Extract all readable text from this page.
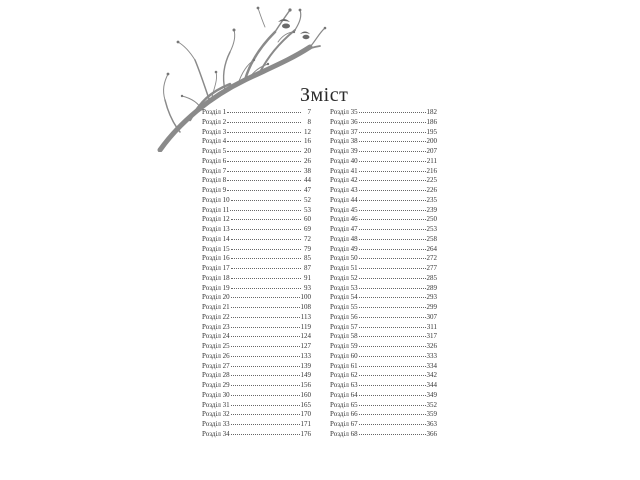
Зміст
Розділ 1	7
Розділ 2	8
Розділ 3	12
Розділ 4	16
Розділ 5	20
Розділ 6	26
Розділ 7	38
Розділ 8	44
Розділ 9	47
Розділ 10	52
Розділ 11	53
Розділ 12	60
Розділ 13	69
Розділ 14	72
Розділ 15	79
Розділ 16	85
Розділ 17	87
Розділ 18	91
Розділ 19	93
Розділ 20	100
Розділ 21	108
Розділ 22	113
Розділ 23	119
Розділ 24	124
Розділ 25	127
Розділ 26	133
Розділ 27	139
Розділ 28	149
Розділ 29	156
Розділ 30	160
Розділ 31	165
Розділ 32	170
Розділ 33	171
Розділ 34	176
Розділ 35	182
Розділ 36	186
Розділ 37	195
Розділ 38	200
Розділ 39	207
Розділ 40	211
Розділ 41	216
Розділ 42	225
Розділ 43	226
Розділ 44	235
Розділ 45	239
Розділ 46	250
Розділ 47	253
Розділ 48	258
Розділ 49	264
Розділ 50	272
Розділ 51	277
Розділ 52	285
Розділ 53	289
Розділ 54	293
Розділ 55	299
Розділ 56	307
Розділ 57	311
Розділ 58	317
Розділ 59	326
Розділ 60	333
Розділ 61	334
Розділ 62	342
Розділ 63	344
Розділ 64	349
Розділ 65	352
Розділ 66	359
Розділ 67	363
Розділ 68	366
